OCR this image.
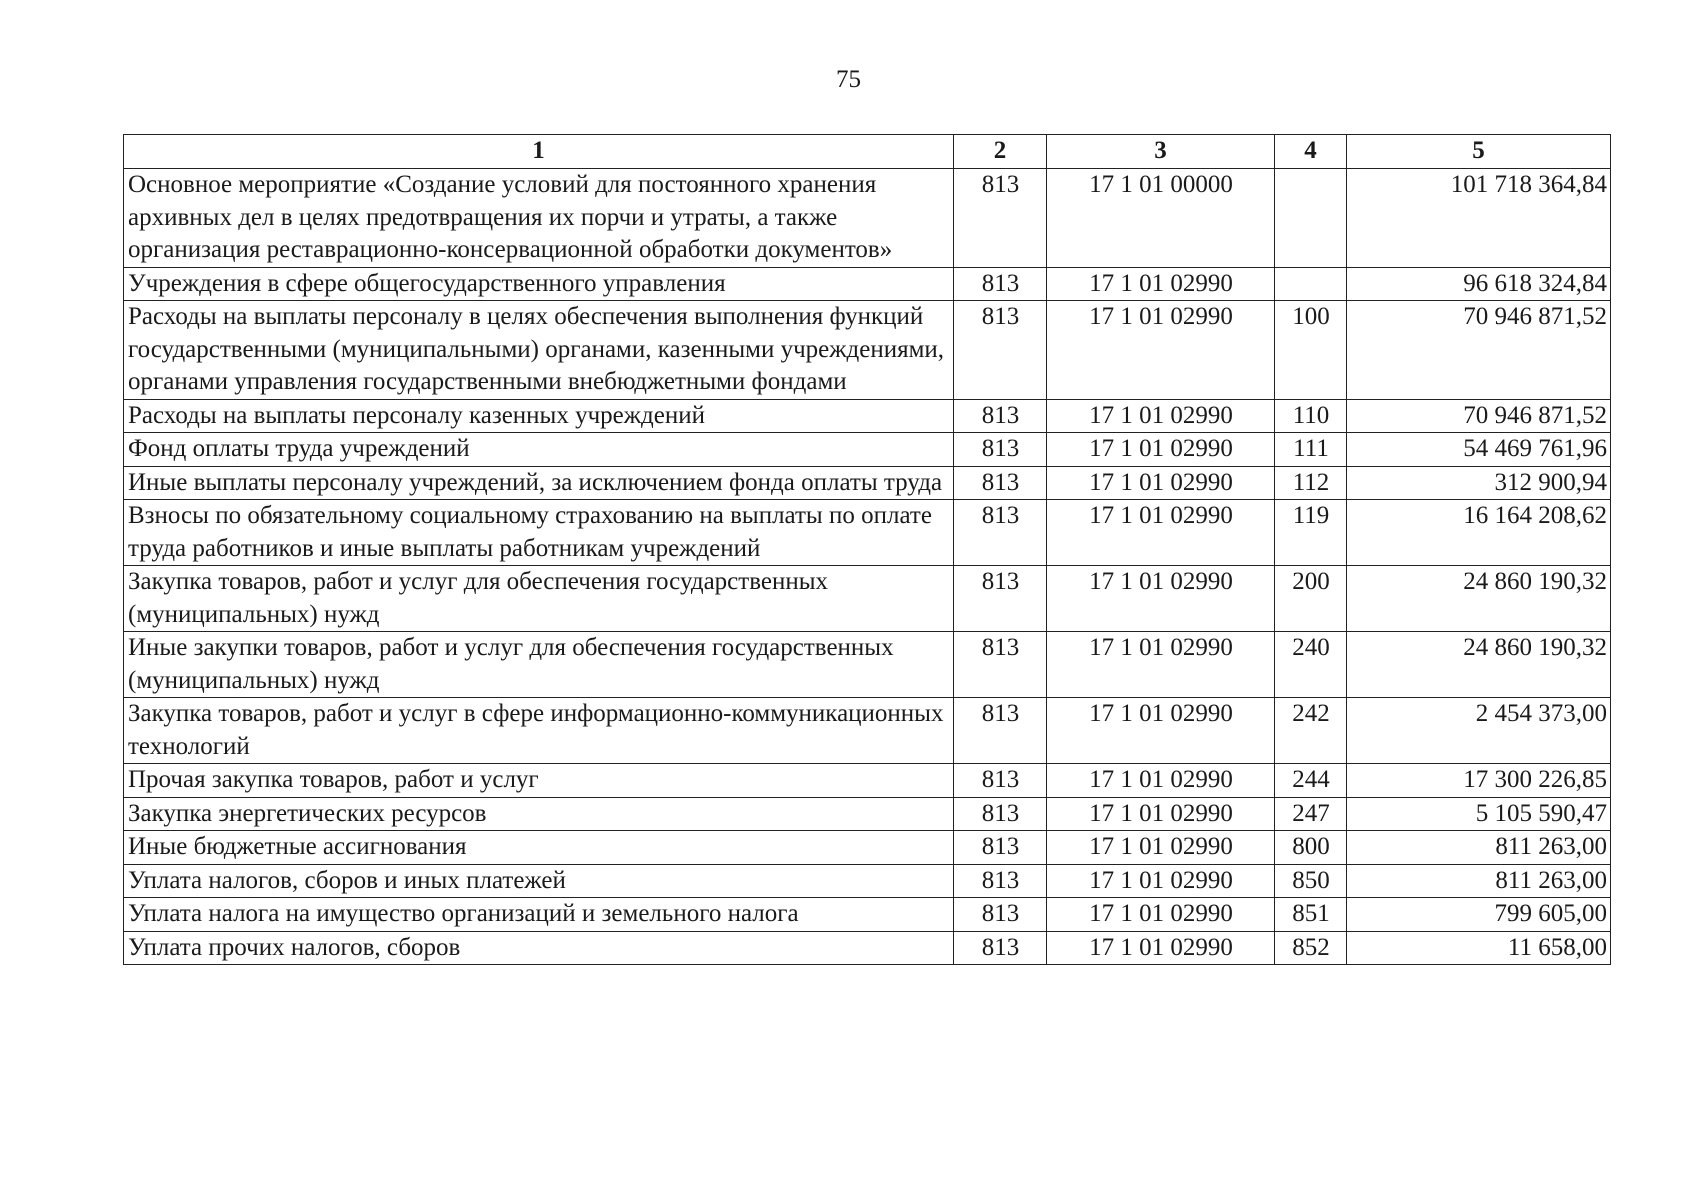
75
1	2	3	4	5
Основное мероприятие «Создание условий для постоянного хранения архивных дел в целях предотвращения их порчи и утраты, а также организация реставрационно-консервационной обработки документов»	813	17 1 01 00000		101 718 364,84
Учреждения в сфере общегосударственного управления	813	17 1 01 02990		96 618 324,84
Расходы на выплаты персоналу в целях обеспечения выполнения функций государственными (муниципальными) органами, казенными учреждениями, органами управления государственными внебюджетными фондами	813	17 1 01 02990	100	70 946 871,52
Расходы на выплаты персоналу казенных учреждений	813	17 1 01 02990	110	70 946 871,52
Фонд оплаты труда учреждений	813	17 1 01 02990	111	54 469 761,96
Иные выплаты персоналу учреждений, за исключением фонда оплаты труда	813	17 1 01 02990	112	312 900,94
Взносы по обязательному социальному страхованию на выплаты по оплате труда работников и иные выплаты работникам учреждений	813	17 1 01 02990	119	16 164 208,62
Закупка товаров, работ и услуг для обеспечения государственных (муниципальных) нужд	813	17 1 01 02990	200	24 860 190,32
Иные закупки товаров, работ и услуг для обеспечения государственных (муниципальных) нужд	813	17 1 01 02990	240	24 860 190,32
Закупка товаров, работ и услуг в сфере информационно-коммуникационных технологий	813	17 1 01 02990	242	2 454 373,00
Прочая закупка товаров, работ и услуг	813	17 1 01 02990	244	17 300 226,85
Закупка энергетических ресурсов	813	17 1 01 02990	247	5 105 590,47
Иные бюджетные ассигнования	813	17 1 01 02990	800	811 263,00
Уплата налогов, сборов и иных платежей	813	17 1 01 02990	850	811 263,00
Уплата налога на имущество организаций и земельного налога	813	17 1 01 02990	851	799 605,00
Уплата прочих налогов, сборов	813	17 1 01 02990	852	11 658,00
